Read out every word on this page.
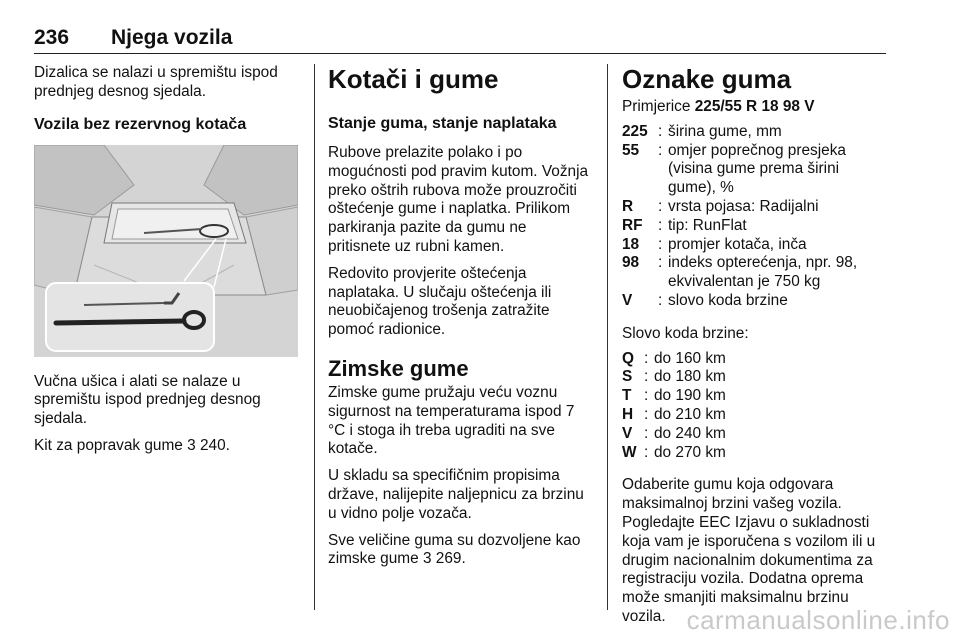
236 Njega vozila

Dizalica se nalazi u spremištu ispod prednjeg desnog sjedala.

Vozila bez rezervnog kotača

Vučna ušica i alati se nalaze u spremištu ispod prednjeg desnog sjedala.

Kit za popravak gume 3 240.

Kotači i gume
Stanje guma, stanje naplataka

Rubove prelazite polako i po mogućnosti pod pravim kutom. Vožnja preko oštrih rubova može prouzročiti oštećenje gume i naplatka. Prilikom parkiranja pazite da gumu ne pritisnete uz rubni kamen.

Redovito provjerite oštećenja naplataka. U slučaju oštećenja ili neuobičajenog trošenja zatražite pomoć radionice.

Zimske gume

Zimske gume pružaju veću voznu sigurnost na temperaturama ispod 7 °C i stoga ih treba ugraditi na sve kotače.

U skladu sa specifičnim propisima države, nalijepite naljepnicu za brzinu u vidno polje vozača.

Sve veličine guma su dozvoljene kao zimske gume 3 269.

Oznake guma

Primjerice 225/55 R 18 98 V

225 : širina gume, mm
55	: omjer poprečnog presjeka (visina gume prema širini gume), %
R	: vrsta pojasa: Radijalni
RF	: tip: RunFlat
18	: promjer kotača, inča
98	: indeks opterećenja, npr. 98, ekvivalentan je 750 kg
V	: slovo koda brzine

Slovo koda brzine:

Q : do 160 km
S : do 180 km
T : do 190 km
H : do 210 km
V : do 240 km
W : do 270 km

Odaberite gumu koja odgovara maksimalnoj brzini vašeg vozila. Pogledajte EEC Izjavu o sukladnosti koja vam je isporučena s vozilom ili u drugim nacionalnim dokumentima za registraciju vozila. Dodatna oprema može smanjiti maksimalnu brzinu vozila. carmanualsonline.info
